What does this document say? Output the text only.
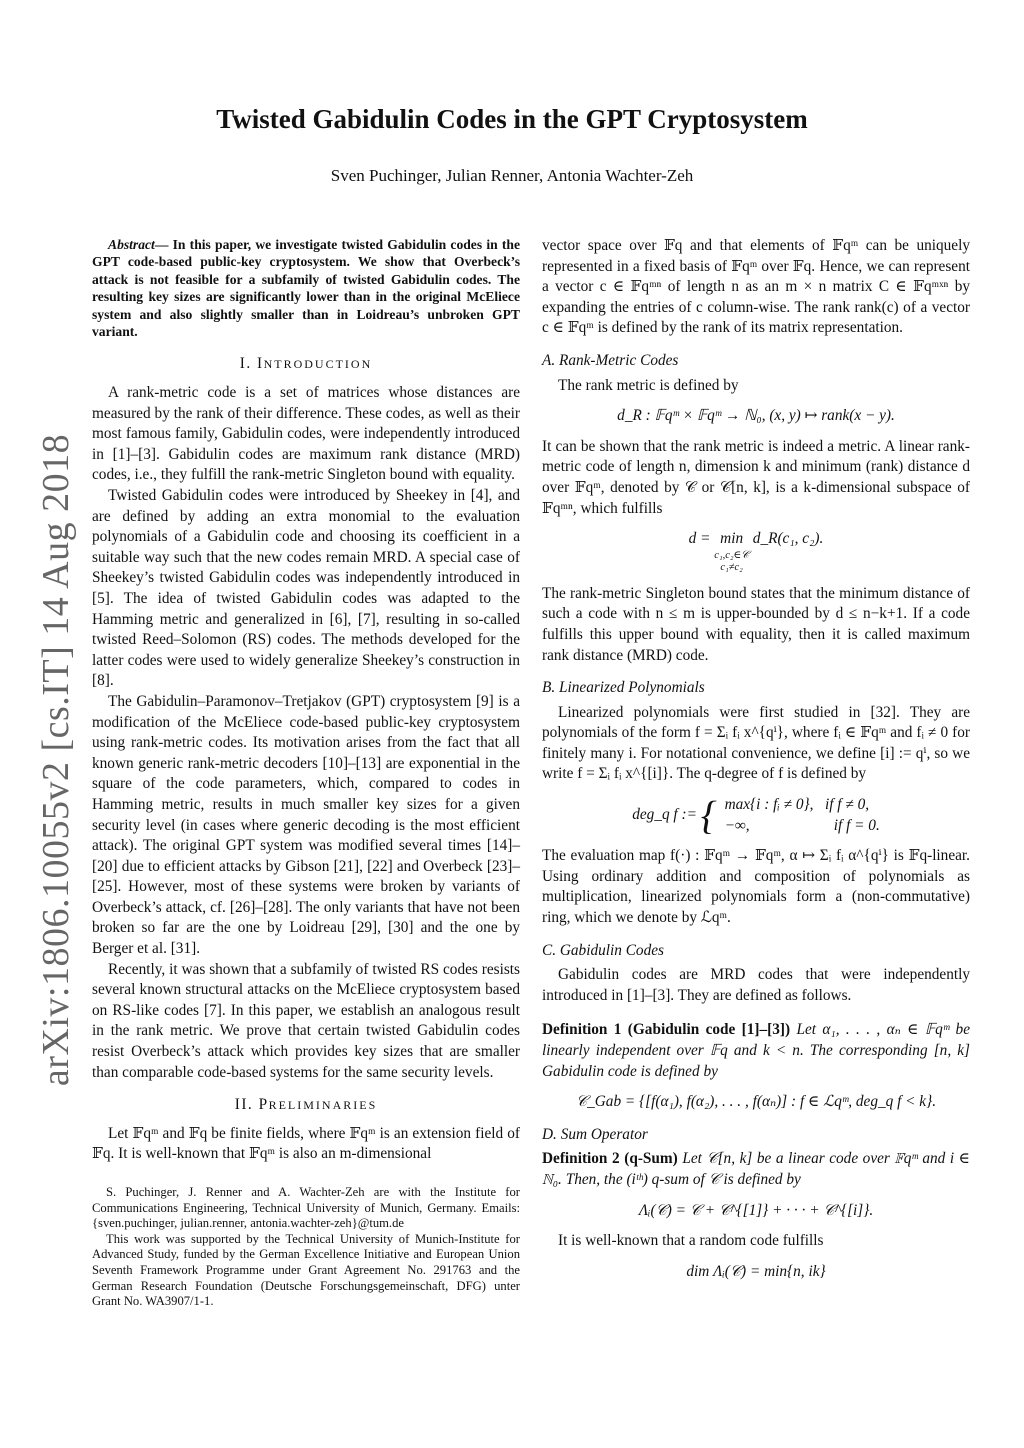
Twisted Gabidulin Codes in the GPT Cryptosystem
Sven Puchinger, Julian Renner, Antonia Wachter-Zeh
arXiv:1806.10055v2 [cs.IT] 14 Aug 2018

Abstract— In this paper, we investigate twisted Gabidulin codes in the GPT code-based public-key cryptosystem. We show that Overbeck’s attack is not feasible for a subfamily of twisted Gabidulin codes. The resulting key sizes are significantly lower than in the original McEliece system and also slightly smaller than in Loidreau’s unbroken GPT variant.

I. INTRODUCTION

A rank-metric code is a set of matrices whose distances are measured by the rank of their difference. These codes, as well as their most famous family, Gabidulin codes, were independently introduced in [1]–[3]. Gabidulin codes are maximum rank distance (MRD) codes, i.e., they fulfill the rank-metric Singleton bound with equality.

Twisted Gabidulin codes were introduced by Sheekey in [4], and are defined by adding an extra monomial to the evaluation polynomials of a Gabidulin code and choosing its coefficient in a suitable way such that the new codes remain MRD. A special case of Sheekey’s twisted Gabidulin codes was independently introduced in [5]. The idea of twisted Gabidulin codes was adapted to the Hamming metric and generalized in [6], [7], resulting in so-called twisted Reed–Solomon (RS) codes. The methods developed for the latter codes were used to widely generalize Sheekey’s construction in [8].

The Gabidulin–Paramonov–Tretjakov (GPT) cryptosystem [9] is a modification of the McEliece code-based public-key cryptosystem using rank-metric codes. Its motivation arises from the fact that all known generic rank-metric decoders [10]–[13] are exponential in the square of the code parameters, which, compared to codes in Hamming metric, results in much smaller key sizes for a given security level (in cases where generic decoding is the most efficient attack). The original GPT system was modified several times [14]–[20] due to efficient attacks by Gibson [21], [22] and Overbeck [23]–[25]. However, most of these systems were broken by variants of Overbeck’s attack, cf. [26]–[28]. The only variants that have not been broken so far are the one by Loidreau [29], [30] and the one by Berger et al. [31].

Recently, it was shown that a subfamily of twisted RS codes resists several known structural attacks on the McEliece cryptosystem based on RS-like codes [7]. In this paper, we establish an analogous result in the rank metric. We prove that certain twisted Gabidulin codes resist Overbeck’s attack which provides key sizes that are smaller than comparable code-based systems for the same security levels.

II. PRELIMINARIES

Let 𝔽qᵐ and 𝔽q be finite fields, where 𝔽qᵐ is an extension field of 𝔽q. It is well-known that 𝔽qᵐ is also an m-dimensional

S. Puchinger, J. Renner and A. Wachter-Zeh are with the Institute for Communications Engineering, Technical University of Munich, Germany. Emails: {sven.puchinger, julian.renner, antonia.wachter-zeh}@tum.de

This work was supported by the Technical University of Munich-Institute for Advanced Study, funded by the German Excellence Initiative and European Union Seventh Framework Programme under Grant Agreement No. 291763 and the German Research Foundation (Deutsche Forschungsgemeinschaft, DFG) unter Grant No. WA3907/1-1.

vector space over 𝔽q and that elements of 𝔽qᵐ can be uniquely represented in a fixed basis of 𝔽qᵐ over 𝔽q. Hence, we can represent a vector c ∈ 𝔽qᵐⁿ of length n as an m × n matrix C ∈ 𝔽qᵐˣⁿ by expanding the entries of c column-wise. The rank rank(c) of a vector c ∈ 𝔽qᵐ is defined by the rank of its matrix representation.

A. Rank-Metric Codes

The rank metric is defined by

d_R : 𝔽qᵐ × 𝔽qᵐ → ℕ₀, (x, y) ↦ rank(x − y).

It can be shown that the rank metric is indeed a metric. A linear rank-metric code of length n, dimension k and minimum (rank) distance d over 𝔽qᵐ, denoted by 𝒞 or 𝒞[n, k], is a k-dimensional subspace of 𝔽qᵐⁿ, which fulfills

d = min
c₁,c₂∈𝒞
c₁≠c₂
d_R(c₁, c₂).

The rank-metric Singleton bound states that the minimum distance of such a code with n ≤ m is upper-bounded by d ≤ n−k+1. If a code fulfills this upper bound with equality, then it is called maximum rank distance (MRD) code.

B. Linearized Polynomials

Linearized polynomials were first studied in [32]. They are polynomials of the form f = Σᵢ fᵢ x^{qⁱ}, where fᵢ ∈ 𝔽qᵐ and fᵢ ≠ 0 for finitely many i. For notational convenience, we define [i] := qⁱ, so we write f = Σᵢ fᵢ x^{[i]}. The q-degree of f is defined by

deg_q f := { max{i : fᵢ ≠ 0}, if f ≠ 0,
−∞,	if f = 0.

The evaluation map f(·) : 𝔽qᵐ → 𝔽qᵐ, α ↦ Σᵢ fᵢ α^{qⁱ} is 𝔽q-linear. Using ordinary addition and composition of polynomials as multiplication, linearized polynomials form a (non-commutative) ring, which we denote by ℒqᵐ.

C. Gabidulin Codes

Gabidulin codes are MRD codes that were independently introduced in [1]–[3]. They are defined as follows.

Definition 1 (Gabidulin code [1]–[3]) Let α₁, . . . , αₙ ∈ 𝔽qᵐ be linearly independent over 𝔽q and k < n. The corresponding [n, k] Gabidulin code is defined by

𝒞_Gab = {[f(α₁), f(α₂), . . . , f(αₙ)] : f ∈ ℒqᵐ, deg_q f < k}.
D. Sum Operator

Definition 2 (q-Sum) Let 𝒞[n, k] be a linear code over 𝔽qᵐ and i ∈ ℕ₀. Then, the (iᵗʰ) q-sum of 𝒞 is defined by

Λᵢ(𝒞) = 𝒞 + 𝒞^{[1]} + · · · + 𝒞^{[i]}.

It is well-known that a random code fulfills

dim Λᵢ(𝒞) = min{n, ik}
